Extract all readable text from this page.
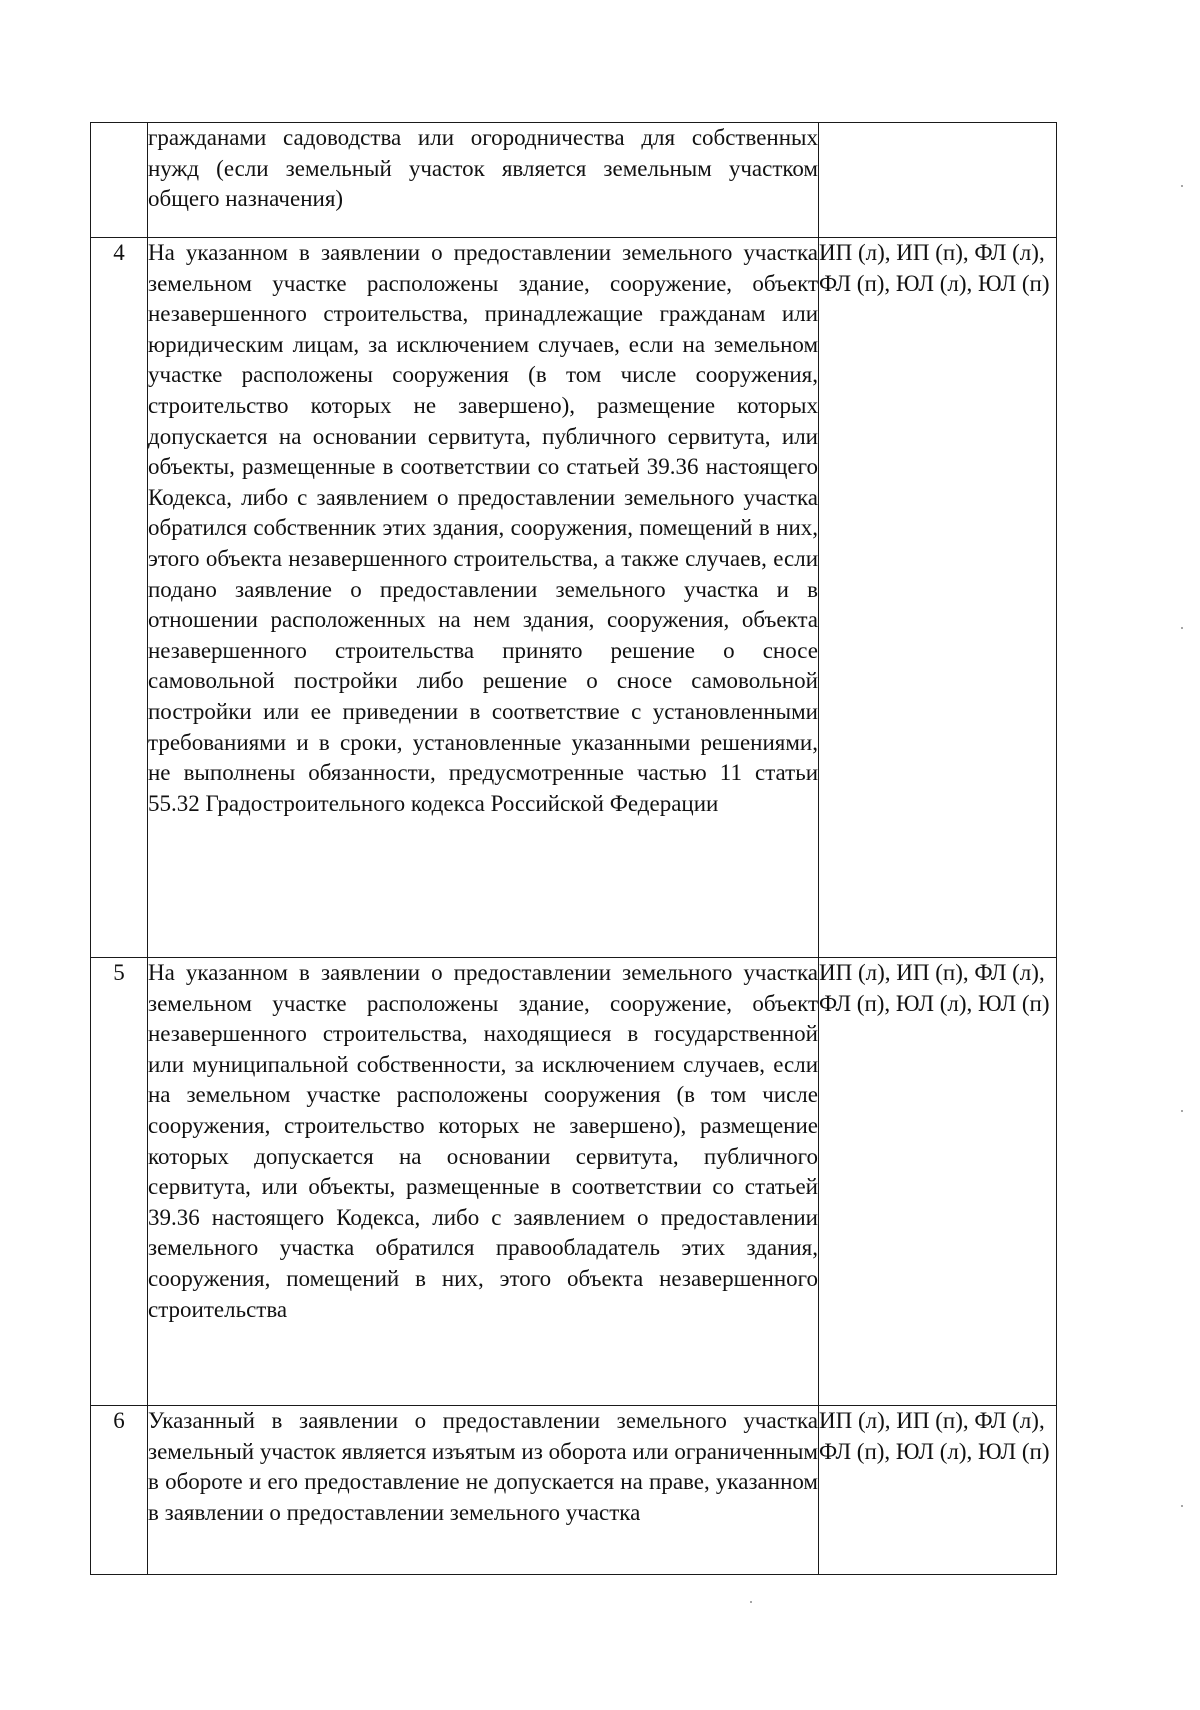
	гражданами садоводства или огородничества для собственных нужд (если земельный участок является земельным участком общего назначения)	
4	На указанном в заявлении о предоставлении земельного участка земельном участке расположены здание, сооружение, объект незавершенного строительства, принадлежащие гражданам или юридическим лицам, за исключением случаев, если на земельном участке расположены сооружения (в том числе сооружения, строительство которых не завершено), размещение которых допускается на основании сервитута, публичного сервитута, или объекты, размещенные в соответствии со статьей 39.36 настоящего Кодекса, либо с заявлением о предоставлении земельного участка обратился собственник этих здания, сооружения, помещений в них, этого объекта незавершенного строительства, а также случаев, если подано заявление о предоставлении земельного участка и в отношении расположенных на нем здания, сооружения, объекта незавершенного строительства принято решение о сносе самовольной постройки либо решение о сносе самовольной постройки или ее приведении в соответствие с установленными требованиями и в сроки, установленные указанными решениями, не выполнены обязанности, предусмотренные частью 11 статьи 55.32 Градостроительного кодекса Российской Федерации	ИП (л), ИП (п), ФЛ (л), ФЛ (п), ЮЛ (л), ЮЛ (п)
5	На указанном в заявлении о предоставлении земельного участка земельном участке расположены здание, сооружение, объект незавершенного строительства, находящиеся в государственной или муниципальной собственности, за исключением случаев, если на земельном участке расположены сооружения (в том числе сооружения, строительство которых не завершено), размещение которых допускается на основании сервитута, публичного сервитута, или объекты, размещенные в соответствии со статьей 39.36 настоящего Кодекса, либо с заявлением о предоставлении земельного участка обратился правообладатель этих здания, сооружения, помещений в них, этого объекта незавершенного строительства	ИП (л), ИП (п), ФЛ (л), ФЛ (п), ЮЛ (л), ЮЛ (п)
6	Указанный в заявлении о предоставлении земельного участка земельный участок является изъятым из оборота или ограниченным в обороте и его предоставление не допускается на праве, указанном в заявлении о предоставлении земельного участка	ИП (л), ИП (п), ФЛ (л), ФЛ (п), ЮЛ (л), ЮЛ (п)
